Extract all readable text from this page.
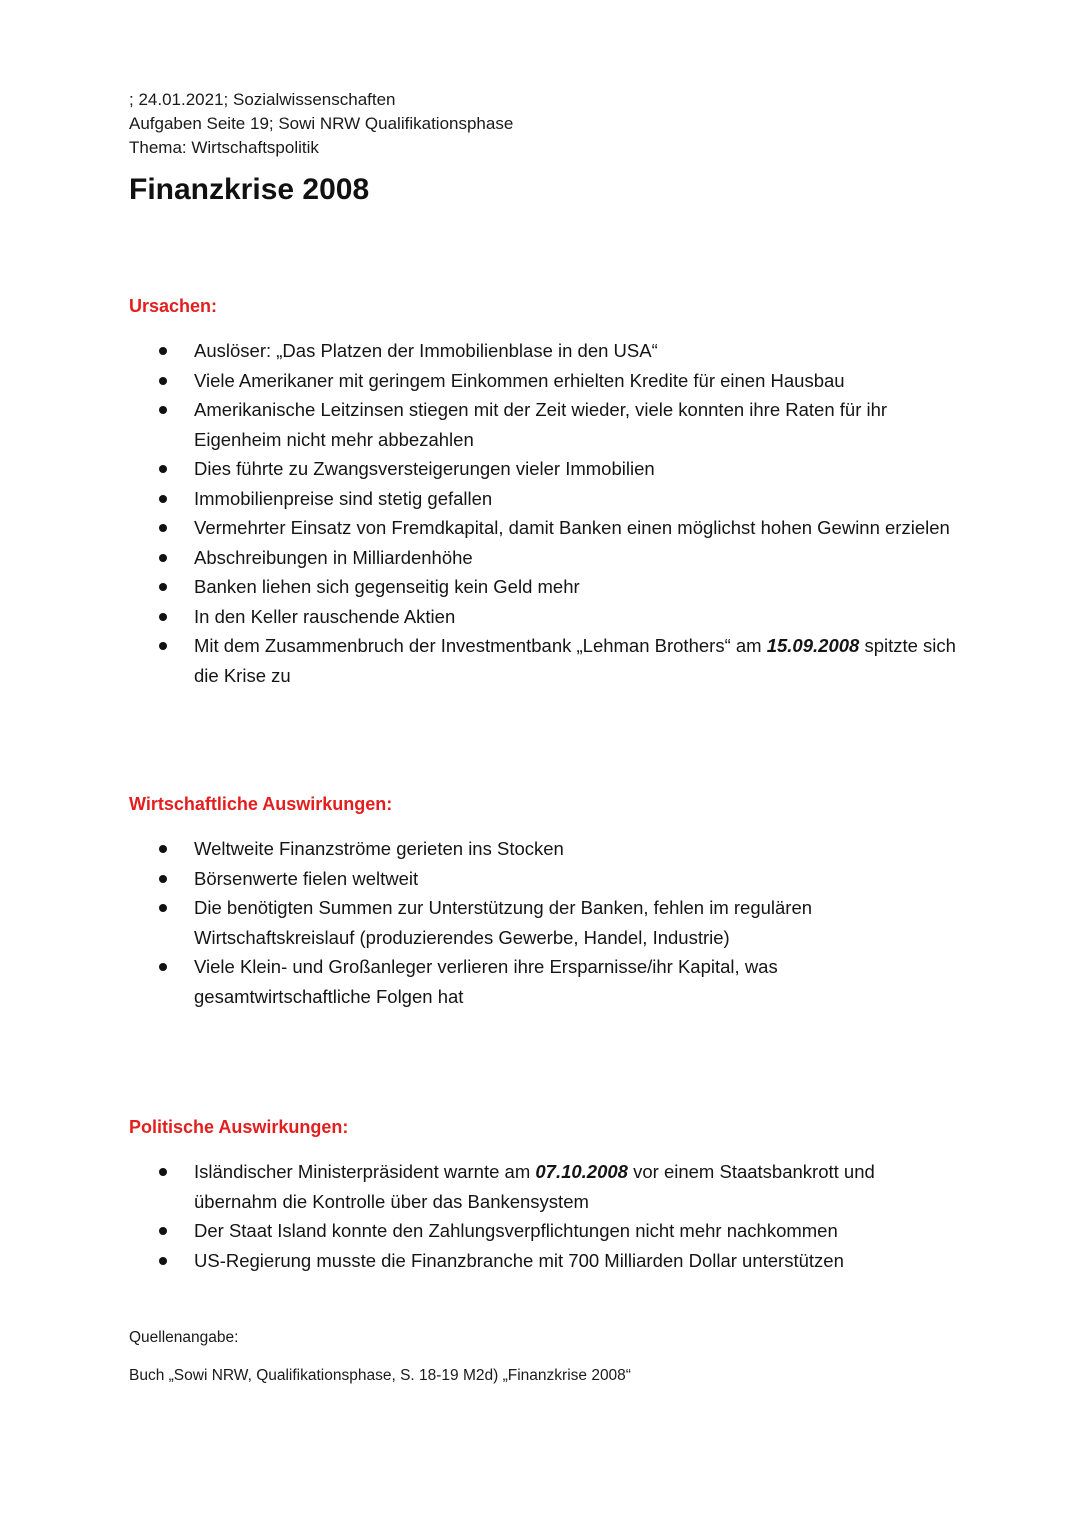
; 24.01.2021; Sozialwissenschaften

Aufgaben Seite 19; Sowi NRW Qualifikationsphase

Thema: Wirtschaftspolitik

Finanzkrise 2008
Ursachen:
Auslöser: „Das Platzen der Immobilienblase in den USA“
Viele Amerikaner mit geringem Einkommen erhielten Kredite für einen Hausbau
Amerikanische Leitzinsen stiegen mit der Zeit wieder, viele konnten ihre Raten für ihr Eigenheim nicht mehr abbezahlen
Dies führte zu Zwangsversteigerungen vieler Immobilien
Immobilienpreise sind stetig gefallen
Vermehrter Einsatz von Fremdkapital, damit Banken einen möglichst hohen Gewinn erzielen
Abschreibungen in Milliardenhöhe
Banken liehen sich gegenseitig kein Geld mehr
In den Keller rauschende Aktien
Mit dem Zusammenbruch der Investmentbank „Lehman Brothers“ am 15.09.2008 spitzte sich die Krise zu
Wirtschaftliche Auswirkungen:
Weltweite Finanzströme gerieten ins Stocken
Börsenwerte fielen weltweit
Die benötigten Summen zur Unterstützung der Banken, fehlen im regulären Wirtschaftskreislauf (produzierendes Gewerbe, Handel, Industrie)
Viele Klein- und Großanleger verlieren ihre Ersparnisse/ihr Kapital, was gesamtwirtschaftliche Folgen hat
Politische Auswirkungen:
Isländischer Ministerpräsident warnte am 07.10.2008 vor einem Staatsbankrott und übernahm die Kontrolle über das Bankensystem
Der Staat Island konnte den Zahlungsverpflichtungen nicht mehr nachkommen
US-Regierung musste die Finanzbranche mit 700 Milliarden Dollar unterstützen

Quellenangabe:

Buch „Sowi NRW, Qualifikationsphase, S. 18-19 M2d) „Finanzkrise 2008“
